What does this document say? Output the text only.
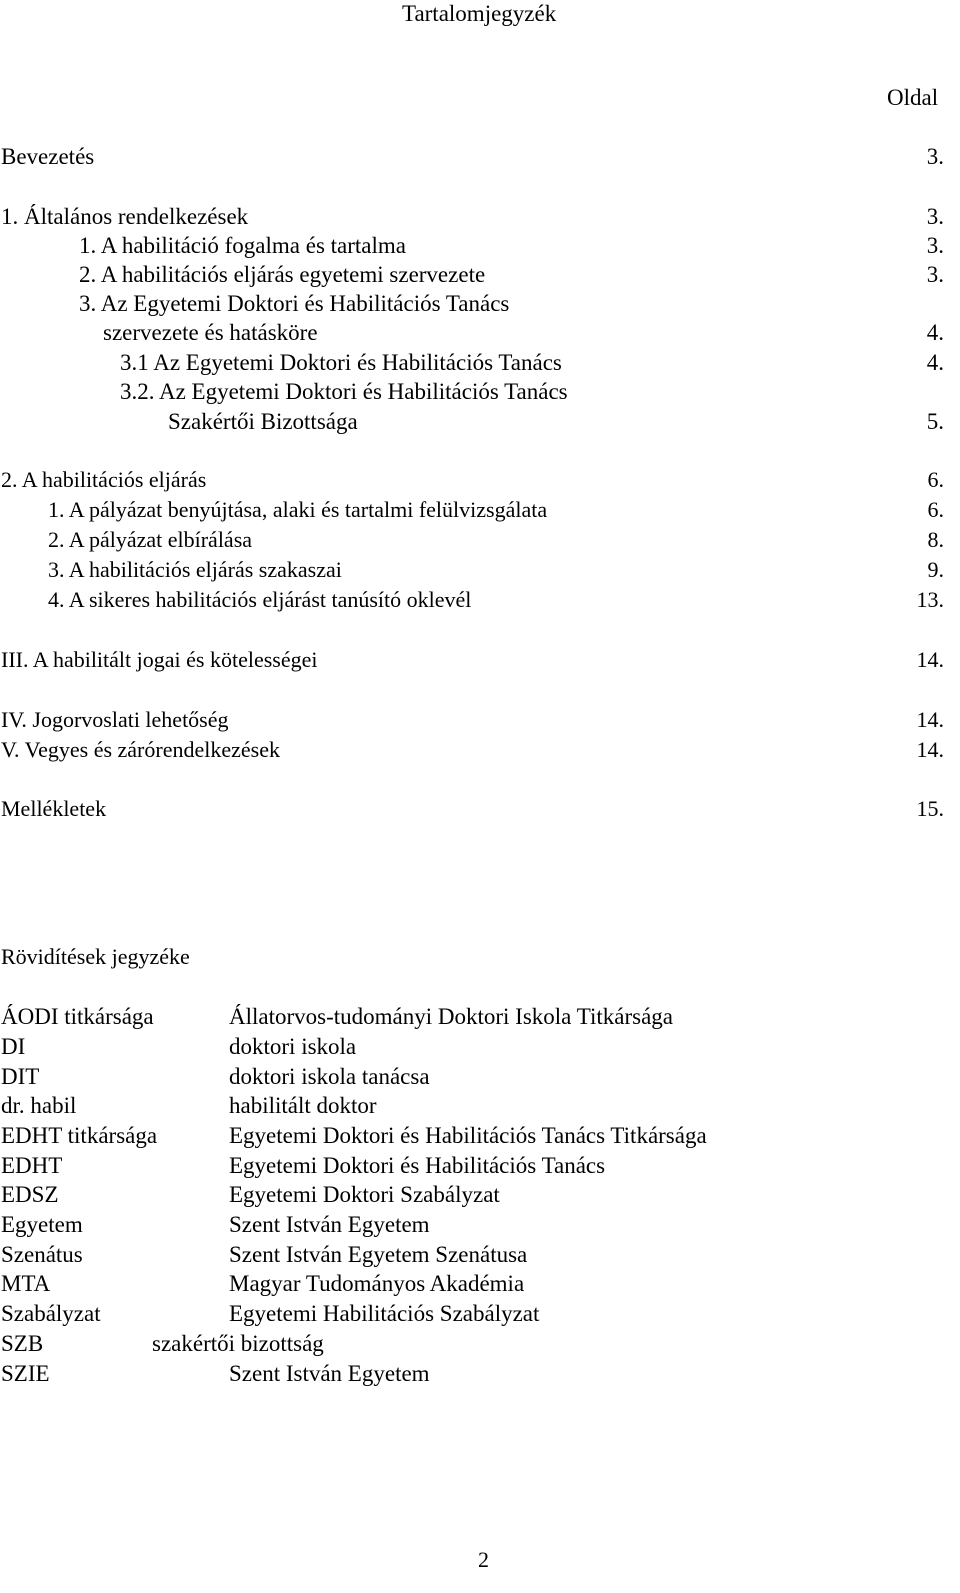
Tartalomjegyzék
Oldal
Bevezetés	3.
1. Általános rendelkezések	3.
1. A habilitáció fogalma és tartalma	3.
2. A habilitációs eljárás egyetemi szervezete	3.
3. Az Egyetemi Doktori és Habilitációs Tanács
szervezete és hatásköre	4.
3.1 Az Egyetemi Doktori és Habilitációs Tanács	4.
3.2. Az Egyetemi Doktori és Habilitációs Tanács
Szakértői Bizottsága	5.
2. A habilitációs eljárás	6.
1. A pályázat benyújtása, alaki és tartalmi felülvizsgálata	6.
2. A pályázat elbírálása	8.
3. A habilitációs eljárás szakaszai	9.
4. A sikeres habilitációs eljárást tanúsító oklevél	13.
III. A habilitált jogai és kötelességei	14.
IV. Jogorvoslati lehetőség	14.
V. Vegyes és zárórendelkezések	14.
Mellékletek	15.
Rövidítések jegyzéke
ÁODI titkársága	Állatorvos-tudományi Doktori Iskola Titkársága
DI	doktori iskola
DIT	doktori iskola tanácsa
dr. habil	habilitált doktor
EDHT titkársága	Egyetemi Doktori és Habilitációs Tanács Titkársága
EDHT	Egyetemi Doktori és Habilitációs Tanács
EDSZ	Egyetemi Doktori Szabályzat
Egyetem	Szent István Egyetem
Szenátus	Szent István Egyetem Szenátusa
MTA	Magyar Tudományos Akadémia
Szabályzat	Egyetemi Habilitációs Szabályzat
SZB	szakértői bizottság
SZIE	Szent István Egyetem
2
